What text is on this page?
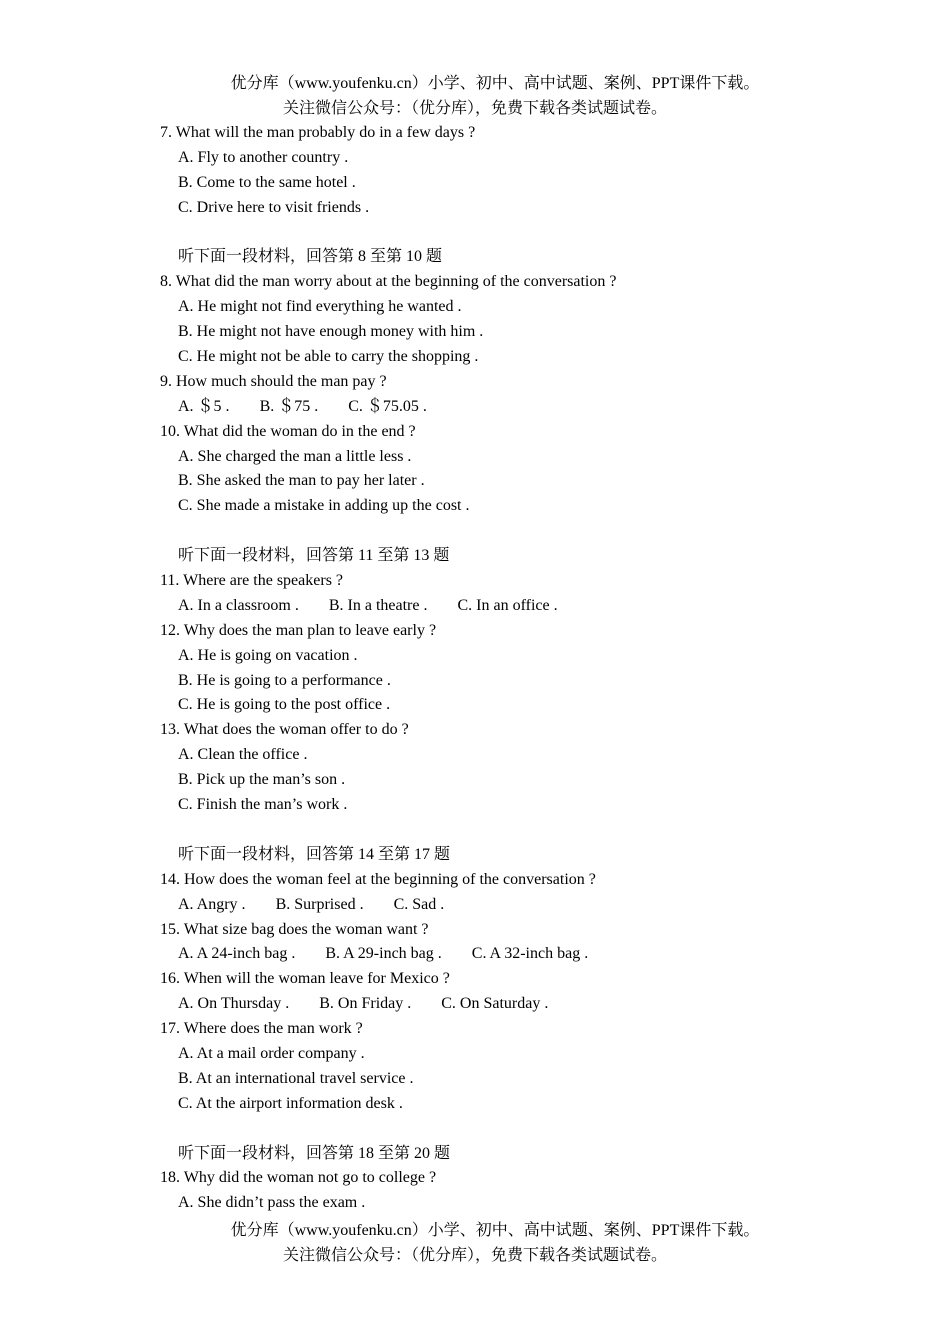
优分库（www.youfenku.cn）小学、初中、高中试题、案例、PPT课件下载。
关注微信公众号：（优分库），免费下载各类试题试卷。
7. What will the man probably do in a few days ?
A. Fly to another country .
B. Come to the same hotel .
C. Drive here to visit friends .
听下面一段材料，回答第 8 至第 10 题
8. What did the man worry about at the beginning of the conversation ?
A. He might not find everything he wanted .
B. He might not have enough money with him .
C. He might not be able to carry the shopping .
9. How much should the man pay ?
A. ＄5 . B. ＄75 . C. ＄75.05 .
10. What did the woman do in the end ?
A. She charged the man a little less .
B. She asked the man to pay her later .
C. She made a mistake in adding up the cost .
听下面一段材料，回答第 11 至第 13 题
11. Where are the speakers ?
A. In a classroom . B. In a theatre . C. In an office .
12. Why does the man plan to leave early ?
A. He is going on vacation .
B. He is going to a performance .
C. He is going to the post office .
13. What does the woman offer to do ?
A. Clean the office .
B. Pick up the man’s son .
C. Finish the man’s work .
听下面一段材料，回答第 14 至第 17 题
14. How does the woman feel at the beginning of the conversation ?
A. Angry . B. Surprised . C. Sad .
15. What size bag does the woman want ?
A. A 24-inch bag . B. A 29-inch bag . C. A 32-inch bag .
16. When will the woman leave for Mexico ?
A. On Thursday . B. On Friday . C. On Saturday .
17. Where does the man work ?
A. At a mail order company .
B. At an international travel service .
C. At the airport information desk .
听下面一段材料，回答第 18 至第 20 题
18. Why did the woman not go to college ?
A. She didn’t pass the exam .
优分库（www.youfenku.cn）小学、初中、高中试题、案例、PPT课件下载。
关注微信公众号：（优分库），免费下载各类试题试卷。
